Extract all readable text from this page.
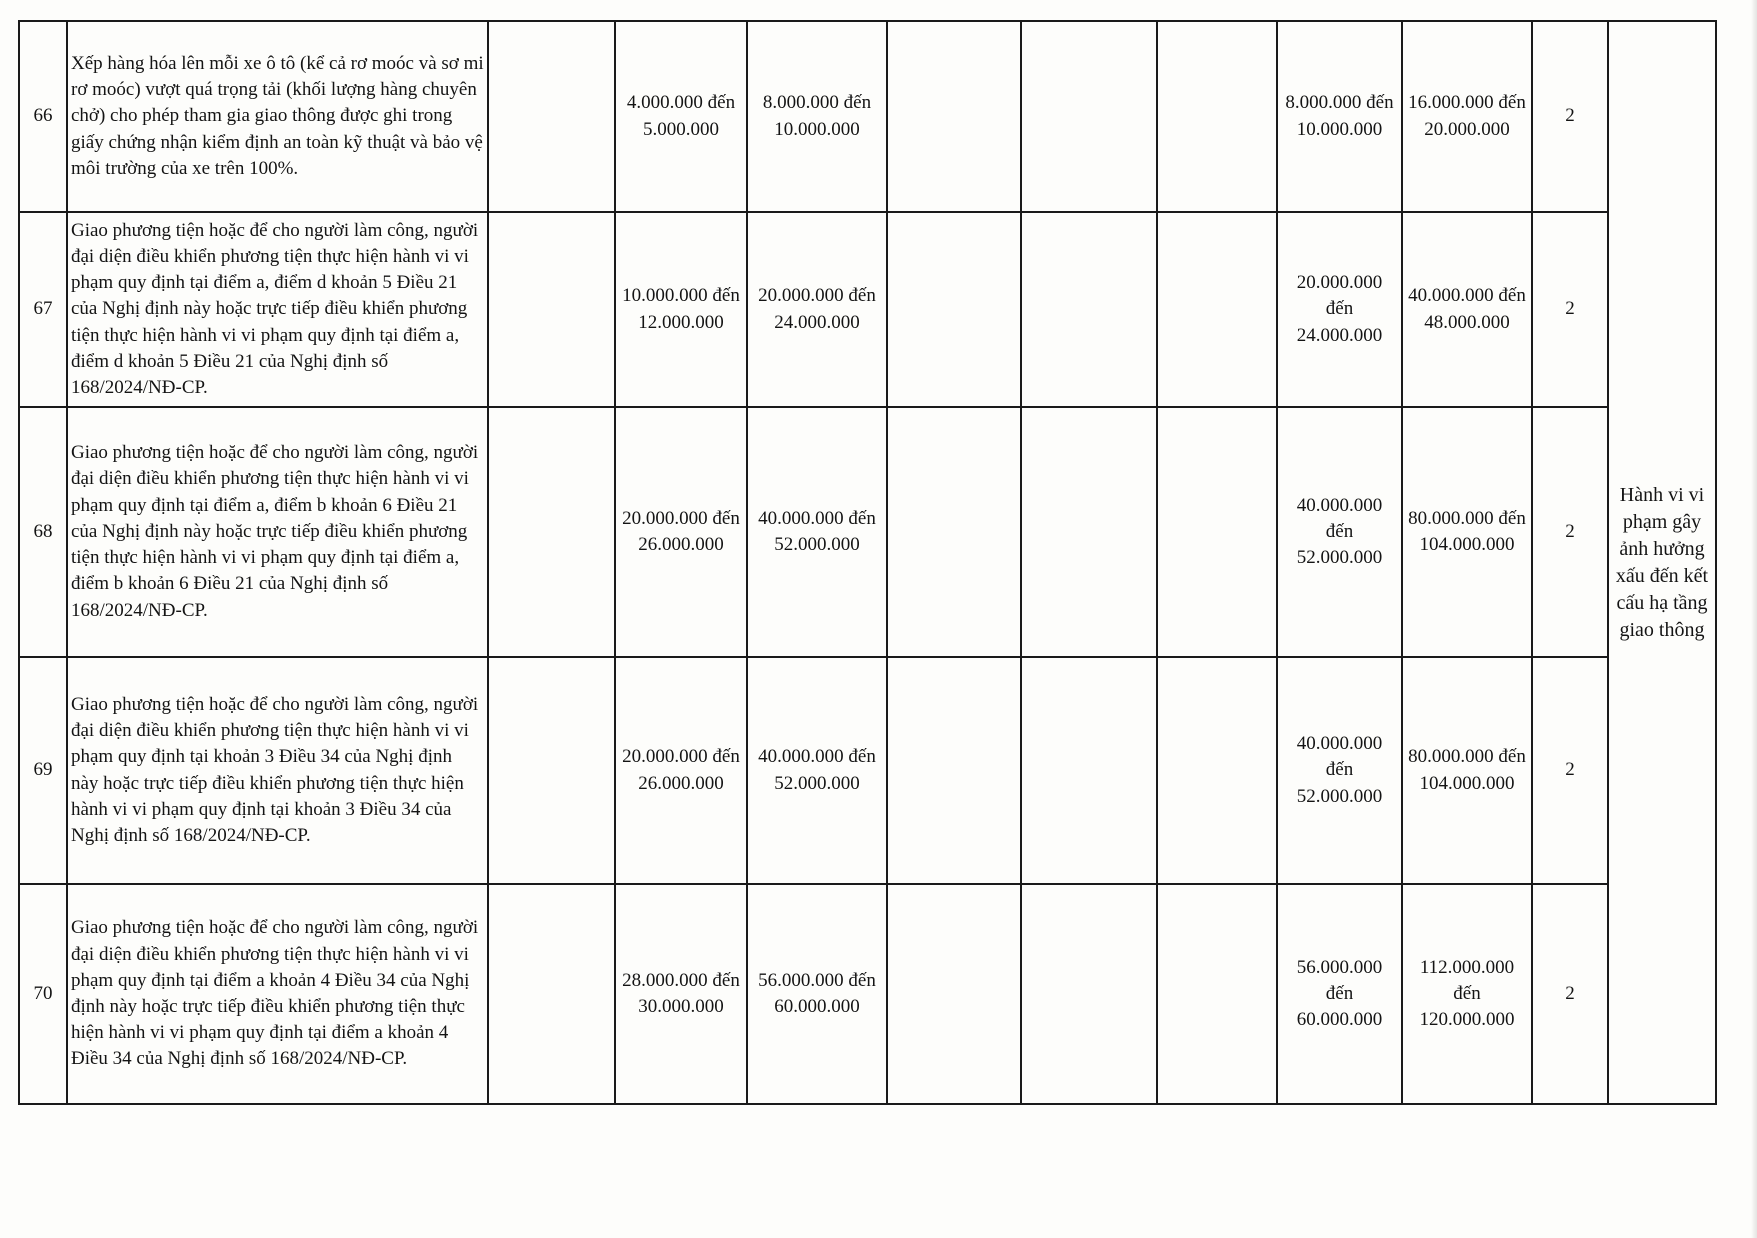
66	Xếp hàng hóa lên mỗi xe ô tô (kể cả rơ moóc và sơ mi rơ moóc) vượt quá trọng tải (khối lượng hàng chuyên chở) cho phép tham gia giao thông được ghi trong giấy chứng nhận kiểm định an toàn kỹ thuật và bảo vệ môi trường của xe trên 100%.		4.000.000 đến 5.000.000	8.000.000 đến 10.000.000				8.000.000 đến 10.000.000	16.000.000 đến 20.000.000	2	Hành vi vi phạm gây ảnh hưởng xấu đến kết cấu hạ tầng giao thông
67	Giao phương tiện hoặc để cho người làm công, người đại diện điều khiển phương tiện thực hiện hành vi vi phạm quy định tại điểm a, điểm d khoản 5 Điều 21 của Nghị định này hoặc trực tiếp điều khiển phương tiện thực hiện hành vi vi phạm quy định tại điểm a, điểm d khoản 5 Điều 21 của Nghị định số 168/2024/NĐ-CP.		10.000.000 đến 12.000.000	20.000.000 đến 24.000.000				20.000.000 đến 24.000.000	40.000.000 đến 48.000.000	2	
68	Giao phương tiện hoặc để cho người làm công, người đại diện điều khiển phương tiện thực hiện hành vi vi phạm quy định tại điểm a, điểm b khoản 6 Điều 21 của Nghị định này hoặc trực tiếp điều khiển phương tiện thực hiện hành vi vi phạm quy định tại điểm a, điểm b khoản 6 Điều 21 của Nghị định số 168/2024/NĐ-CP.		20.000.000 đến 26.000.000	40.000.000 đến 52.000.000				40.000.000 đến 52.000.000	80.000.000 đến 104.000.000	2	
69	Giao phương tiện hoặc để cho người làm công, người đại diện điều khiển phương tiện thực hiện hành vi vi phạm quy định tại khoản 3 Điều 34 của Nghị định này hoặc trực tiếp điều khiển phương tiện thực hiện hành vi vi phạm quy định tại khoản 3 Điều 34 của Nghị định số 168/2024/NĐ-CP.		20.000.000 đến 26.000.000	40.000.000 đến 52.000.000				40.000.000 đến 52.000.000	80.000.000 đến 104.000.000	2	
70	Giao phương tiện hoặc để cho người làm công, người đại diện điều khiển phương tiện thực hiện hành vi vi phạm quy định tại điểm a khoản 4 Điều 34 của Nghị định này hoặc trực tiếp điều khiển phương tiện thực hiện hành vi vi phạm quy định tại điểm a khoản 4 Điều 34 của Nghị định số 168/2024/NĐ-CP.		28.000.000 đến 30.000.000	56.000.000 đến 60.000.000				56.000.000 đến 60.000.000	112.000.000 đến 120.000.000	2	
